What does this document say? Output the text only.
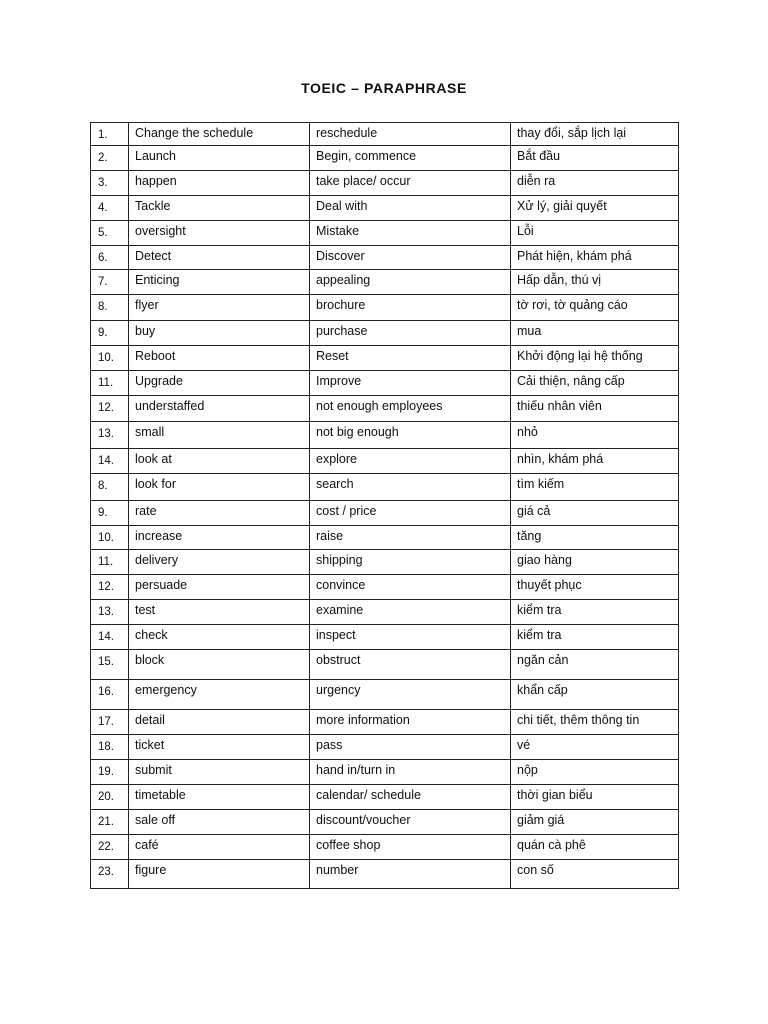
TOEIC – PARAPHRASE
1.	Change the schedule	reschedule	thay đổi, sắp lịch lại
2.	Launch	Begin, commence	Bắt đầu
3.	happen	take place/ occur	diễn ra
4.	Tackle	Deal with	Xử lý, giải quyết
5.	oversight	Mistake	Lỗi
6.	Detect	Discover	Phát hiện, khám phá
7.	Enticing	appealing	Hấp dẫn, thú vị
8.	flyer	brochure	tờ rơi, tờ quảng cáo
9.	buy	purchase	mua
10.	Reboot	Reset	Khởi động lại hệ thống
11.	Upgrade	Improve	Cải thiện, nâng cấp
12.	understaffed	not enough employees	thiếu nhân viên
13.	small	not big enough	nhỏ
14.	look at	explore	nhìn, khám phá
8.	look for	search	tìm kiếm
9.	rate	cost / price	giá cả
10.	increase	raise	tăng
11.	delivery	shipping	giao hàng
12.	persuade	convince	thuyết phục
13.	test	examine	kiểm tra
14.	check	inspect	kiểm tra
15.	block	obstruct	ngăn cản
16.	emergency	urgency	khẩn cấp
17.	detail	more information	chi tiết, thêm thông tin
18.	ticket	pass	vé
19.	submit	hand in/turn in	nộp
20.	timetable	calendar/ schedule	thời gian biểu
21.	sale off	discount/voucher	giảm giá
22.	café	coffee shop	quán cà phê
23.	figure	number	con số
